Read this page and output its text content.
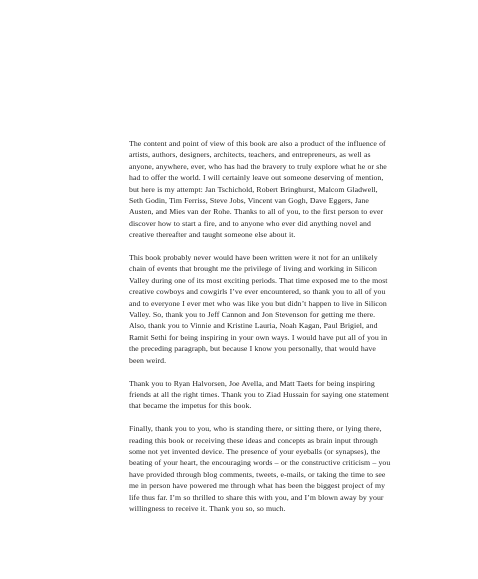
The content and point of view of this book are also a product of the influence of artists, authors, designers, architects, teachers, and entrepreneurs, as well as anyone, anywhere, ever, who has had the bravery to truly explore what he or she had to offer the world. I will certainly leave out someone deserving of mention, but here is my attempt: Jan Tschichold, Robert Bringhurst, Malcom Gladwell, Seth Godin, Tim Ferriss, Steve Jobs, Vincent van Gogh, Dave Eggers, Jane Austen, and Mies van der Rohe. Thanks to all of you, to the first person to ever discover how to start a fire, and to anyone who ever did anything novel and creative thereafter and taught someone else about it.

This book probably never would have been written were it not for an unlikely chain of events that brought me the privilege of living and working in Silicon Valley during one of its most exciting periods. That time exposed me to the most creative cowboys and cowgirls I’ve ever encountered, so thank you to all of you and to everyone I ever met who was like you but didn’t happen to live in Silicon Valley. So, thank you to Jeff Cannon and Jon Stevenson for getting me there. Also, thank you to Vinnie and Kristine Lauria, Noah Kagan, Paul Brigiel, and Ramit Sethi for being inspiring in your own ways. I would have put all of you in the preceding paragraph, but because I know you personally, that would have been weird.

Thank you to Ryan Halvorsen, Joe Avella, and Matt Taets for being inspiring friends at all the right times. Thank you to Ziad Hussain for saying one statement that became the impetus for this book.

Finally, thank you to you, who is standing there, or sitting there, or lying there, reading this book or receiving these ideas and concepts as brain input through some not yet invented device. The presence of your eyeballs (or synapses), the beating of your heart, the encouraging words – or the constructive criticism – you have provided through blog comments, tweets, e-mails, or taking the time to see me in person have powered me through what has been the biggest project of my life thus far. I’m so thrilled to share this with you, and I’m blown away by your willingness to receive it. Thank you so, so much.
